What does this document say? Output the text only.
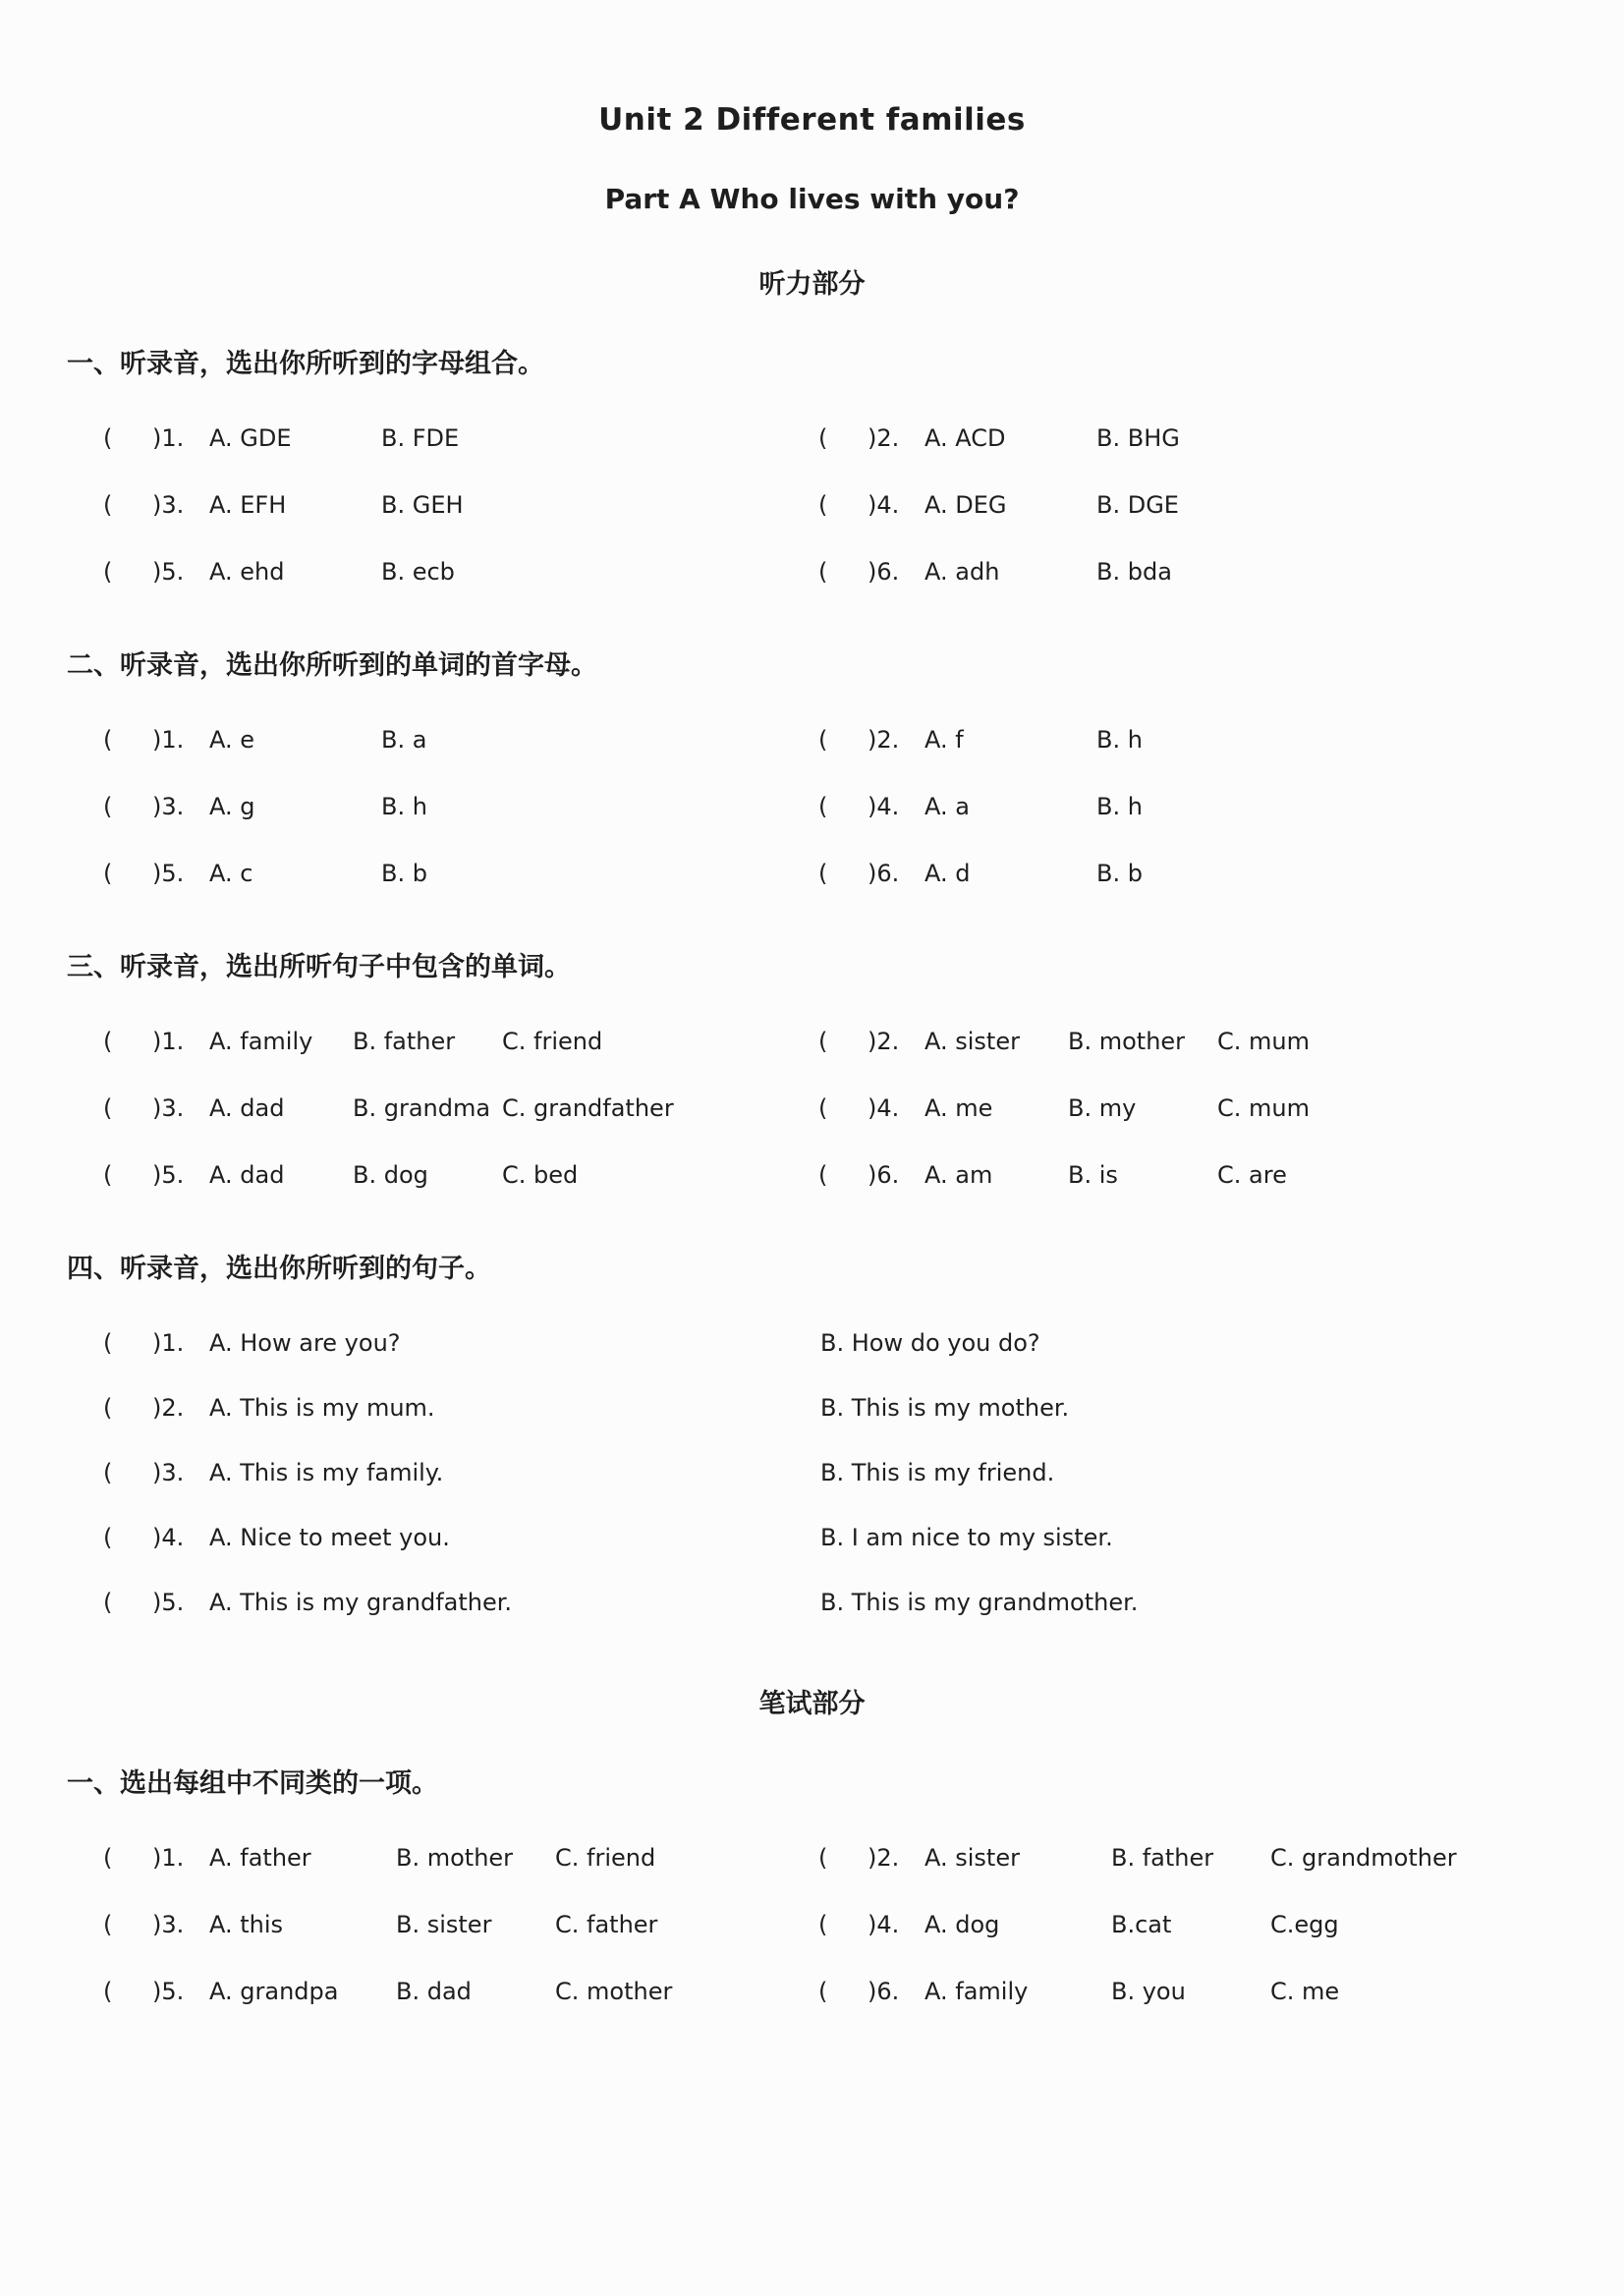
Unit 2 Different families
Part A Who lives with you?
听力部分
一、听录音，选出你所听到的字母组合。
(	)1.	A. GDE	B. FDE	(	)2.	A. ACD	B. BHG
(	)3.	A. EFH	B. GEH	(	)4.	A. DEG	B. DGE
(	)5.	A. ehd	B. ecb	(	)6.	A. adh	B. bda
二、听录音，选出你所听到的单词的首字母。
(	)1.	A. e	B. a	(	)2.	A. f	B. h
(	)3.	A. g	B. h	(	)4.	A. a	B. h
(	)5.	A. c	B. b	(	)6.	A. d	B. b
三、听录音，选出所听句子中包含的单词。
(	)1.	A. family	B. father	C. friend	(	)2.	A. sister	B. mother	C. mum
(	)3.	A. dad	B. grandma C. grandfather	(	)4.	A. me	B. my	C. mum
(	)5.	A. dad	B. dog	C. bed	(	)6.	A. am	B. is	C. are
四、听录音，选出你所听到的句子。
(	)1.	A. How are you?	B. How do you do?
(	)2.	A. This is my mum.	B. This is my mother.
(	)3.	A. This is my family.	B. This is my friend.
(	)4.	A. Nice to meet you.	B. I am nice to my sister.
(	)5.	A. This is my grandfather.	B. This is my grandmother.
笔试部分
一、选出每组中不同类的一项。
(	)1.	A. father	B. mother	C. friend	(	)2.	A. sister	B. father	C. grandmother
(	)3.	A. this	B. sister	C. father	(	)4.	A. dog	B.cat	C.egg
(	)5.	A. grandpa	B. dad	C. mother	(	)6.	A. family	B. you	C. me
